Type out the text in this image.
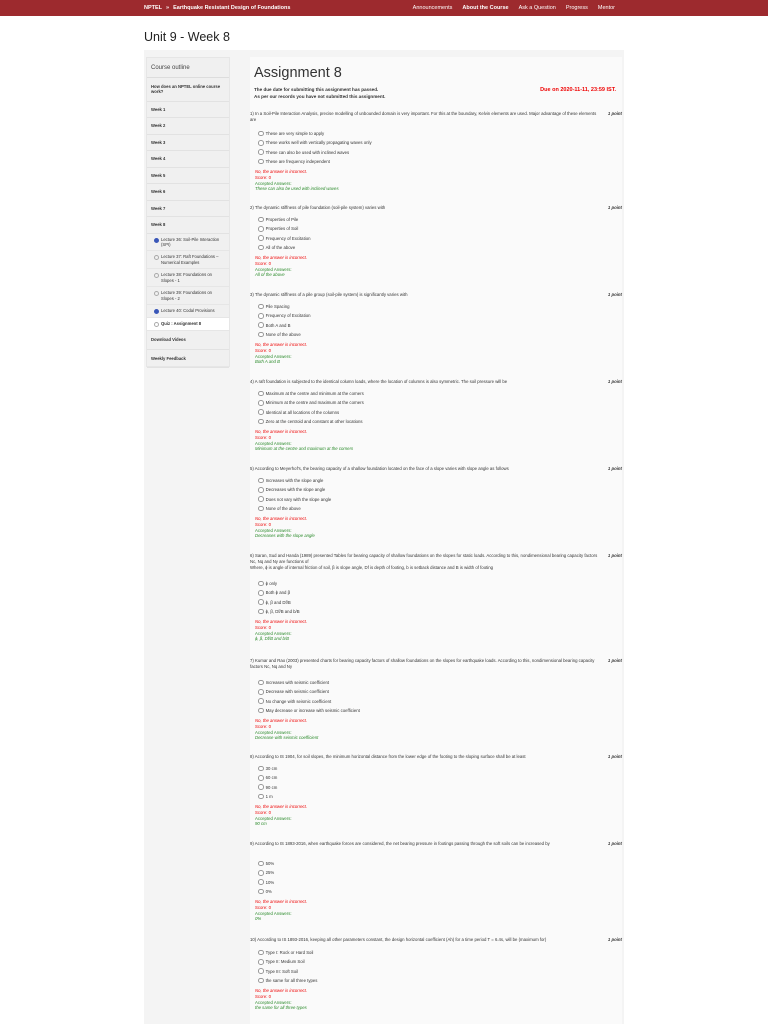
NPTEL » Earthquake Resistant Design of Foundations	Announcements About the Course Ask a Question Progress Mentor
Unit 9 - Week 8
Course outline
How does an NPTEL online course work?
Week 1
Week 2
Week 3
Week 4
Week 5
Week 6
Week 7
Week 8
Lecture 36: Soil-Pile Interaction (SPI)
Lecture 37: Raft Foundations – Numerical Examples
Lecture 38: Foundations on Slopes - 1
Lecture 39: Foundations on Slopes - 2
Lecture 40: Codal Provisions
Quiz : Assignment 8
Download Videos
Weekly Feedback
Assignment 8
The due date for submitting this assignment has passed.
As per our records you have not submitted this assignment.
Due on 2020-11-11, 23:59 IST.
1) In a Soil-Pile Interaction Analysis, precise modelling of unbounded domain is very important. For this at the boundary, Kelvin elements are used. Major advantage of these elements are
1 point
These are very simple to apply
These works well with vertically propagating waves only
These can also be used with inclined waves
These are frequency independent
No, the answer is incorrect.
Score: 0
Accepted Answers:
These can also be used with inclined waves
2) The dynamic stiffness of pile foundation (soil-pile system) varies with	1 point
Properties of Pile
Properties of Soil
Frequency of Excitation
All of the above
No, the answer is incorrect.
Score: 0
Accepted Answers:
All of the above
3) The dynamic stiffness of a pile group (soil-pile system) is significantly varies with	1 point
Pile Spacing
Frequency of Excitation
Both A and B
None of the above
No, the answer is incorrect.
Score: 0
Accepted Answers:
Both A and B
4) A raft foundation is subjected to the identical column loads, where the location of columns is also symmetric. The soil pressure will be	1 point
Maximum at the centre and minimum at the corners
Minimum at the centre and maximum at the corners
Identical at all locations of the columns
Zero at the centroid and constant at other locations
No, the answer is incorrect.
Score: 0
Accepted Answers:
Minimum at the centre and maximum at the corners
5) According to Meyerhof's, the bearing capacity of a shallow foundation located on the face of a slope varies with slope angle as follows	1 point
Increases with the slope angle
Decreases with the slope angle
Does not vary with the slope angle
None of the above
No, the answer is incorrect.
Score: 0
Accepted Answers:
Decreases with the slope angle
6) Saran, Sud and Handa (1989) presented Tables for bearing capacity of shallow foundations on the slopes for static loads. According to this, nondimensional bearing capacity factors Nc, Nq and Nγ are functions of
Where, ϕ is angle of internal friction of soil, β is slope angle, Df is depth of footing, b is setback distance and B is width of footing
1 point
ϕ only
Both ϕ and β
ϕ, β and Df/B
ϕ, β, Df/B and b/B
No, the answer is incorrect.
Score: 0
Accepted Answers:
ϕ, β, Df/B and b/B
7) Kumar and Rao (2003) presented charts for bearing capacity factors of shallow foundations on the slopes for earthquake loads. According to this, nondimensional bearing capacity factors Nc, Nq and Nγ
1 point
Increases with seismic coefficient
Decrease with seismic coefficient
No change with seismic coefficient
May decrease or increase with seismic coefficient
No, the answer is incorrect.
Score: 0
Accepted Answers:
Decrease with seismic coefficient
8) According to IS 1904, for soil slopes, the minimum horizontal distance from the lower edge of the footing to the sloping surface shall be at least	1 point
30 cm
60 cm
90 cm
1 m
No, the answer is incorrect.
Score: 0
Accepted Answers:
90 cm
9) According to IS 1893-2016, when earthquake forces are considered, the net bearing pressure in footings passing through the soft soils can be increased by	1 point
50%
25%
10%
0%
No, the answer is incorrect.
Score: 0
Accepted Answers:
0%
10) According to IS 1893-2016, keeping all other parameters constant, the design horizontal coefficient (Ah) for a time period T = 6.4s, will be (maximum for)	1 point
Type I: Rock or Hard Soil
Type II: Medium Soil
Type III: Soft Soil
the same for all three types
No, the answer is incorrect.
Score: 0
Accepted Answers:
the same for all three types
